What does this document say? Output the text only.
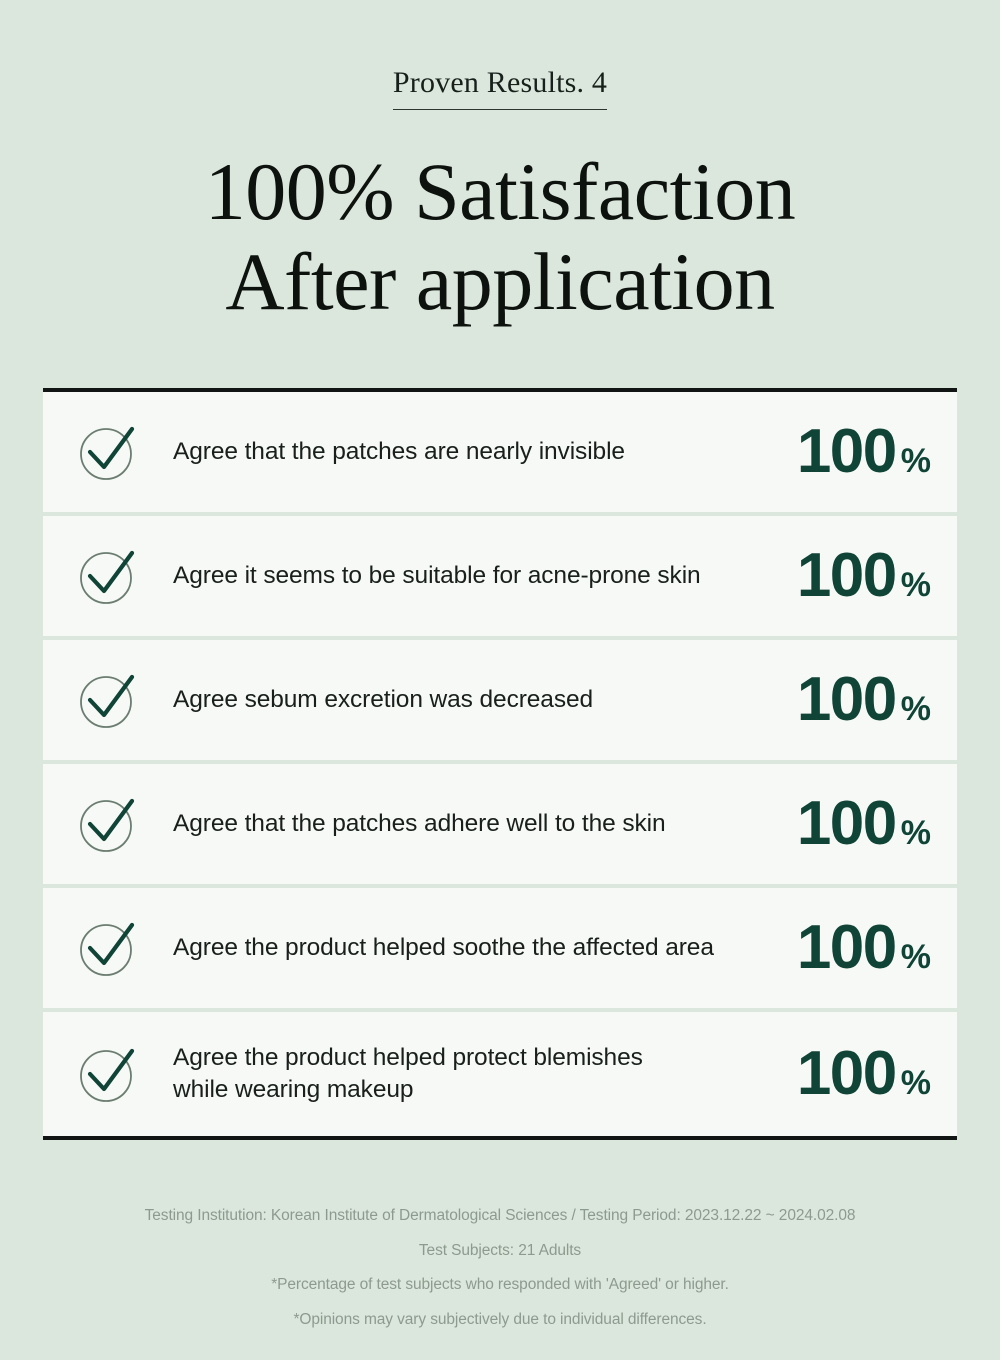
Proven Results. 4
100% Satisfaction
After application
Agree that the patches are nearly invisible	100 %
Agree it seems to be suitable for acne-prone skin	100 %
Agree sebum excretion was decreased	100 %
Agree that the patches adhere well to the skin	100 %
Agree the product helped soothe the affected area	100 %
Agree the product helped protect blemishes
while wearing makeup	100 %
Testing Institution: Korean Institute of Dermatological Sciences / Testing Period: 2023.12.22 ~ 2024.02.08
Test Subjects: 21 Adults
*Percentage of test subjects who responded with 'Agreed' or higher.
*Opinions may vary subjectively due to individual differences.
